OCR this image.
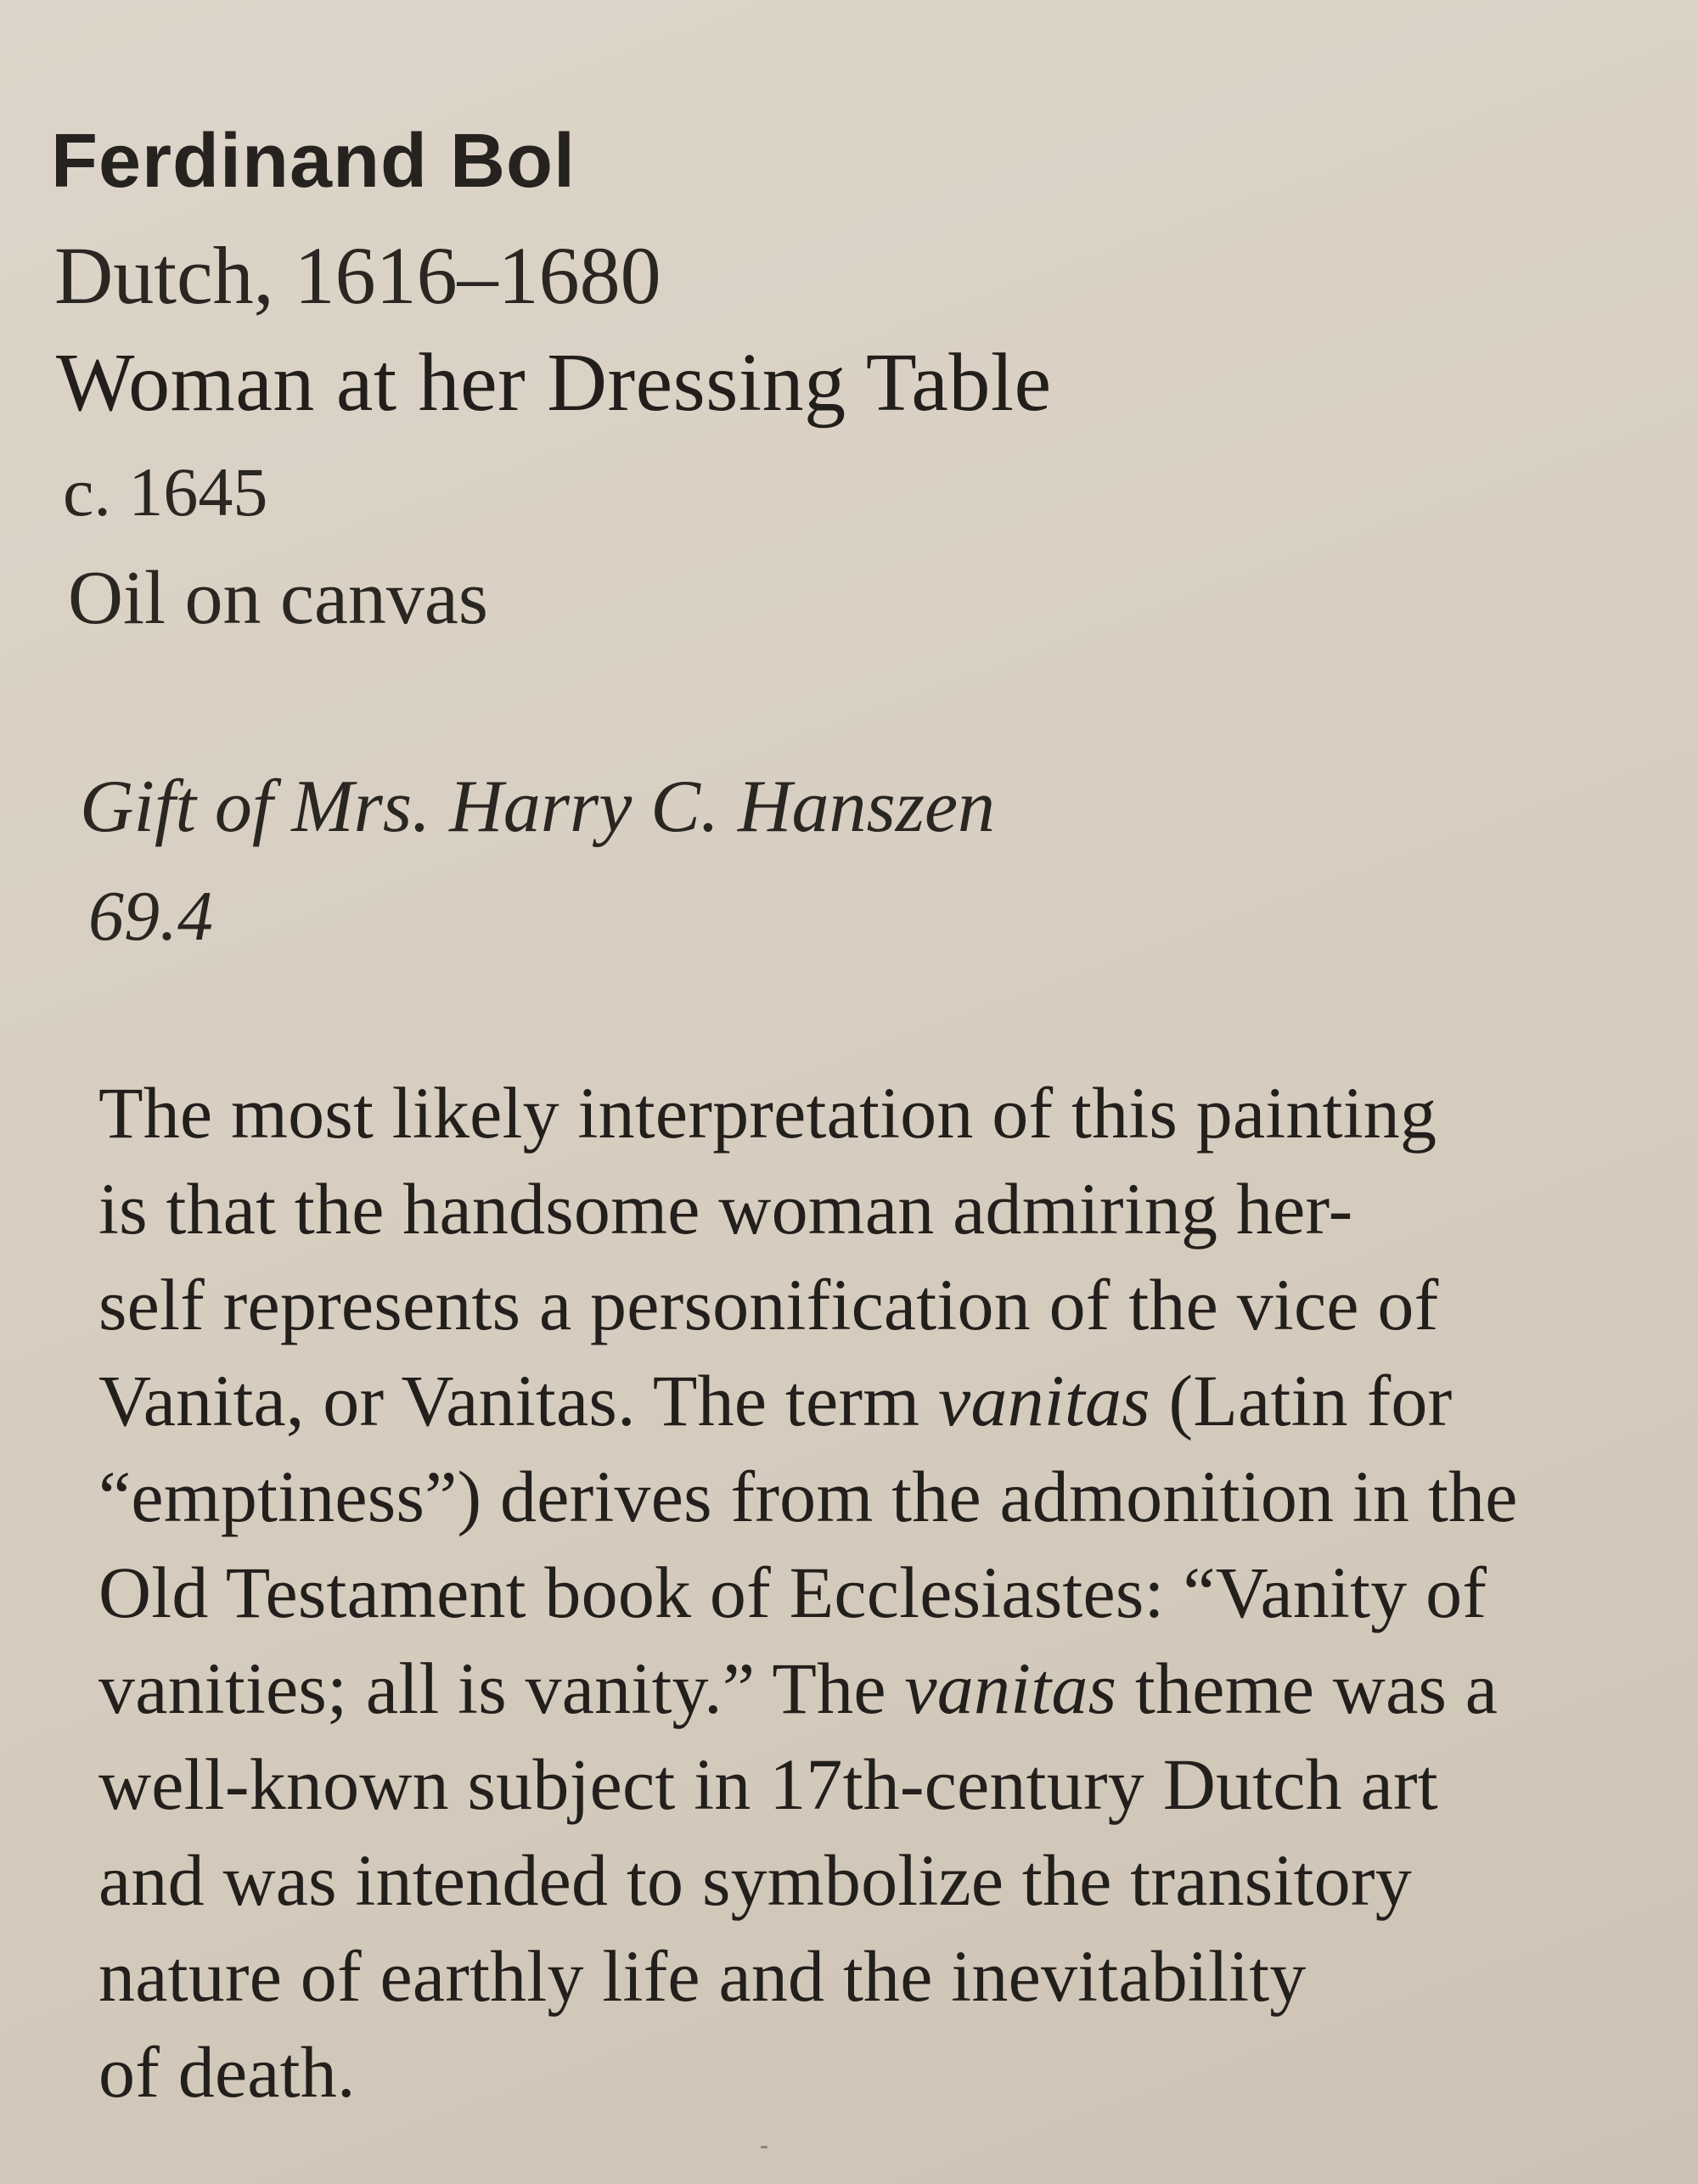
Ferdinand Bol

Dutch, 1616–1680

Woman at her Dressing Table

c. 1645

Oil on canvas

Gift of Mrs. Harry C. Hanszen

69.4

The most likely interpretation of this painting
is that the handsome woman admiring her-
self represents a personification of the vice of
Vanita, or Vanitas. The term vanitas (Latin for
“emptiness”) derives from the admonition in the
Old Testament book of Ecclesiastes: “Vanity of
vanities; all is vanity.” The vanitas theme was a
well-known subject in 17th-century Dutch art
and was intended to symbolize the transitory
nature of earthly life and the inevitability
of death.
